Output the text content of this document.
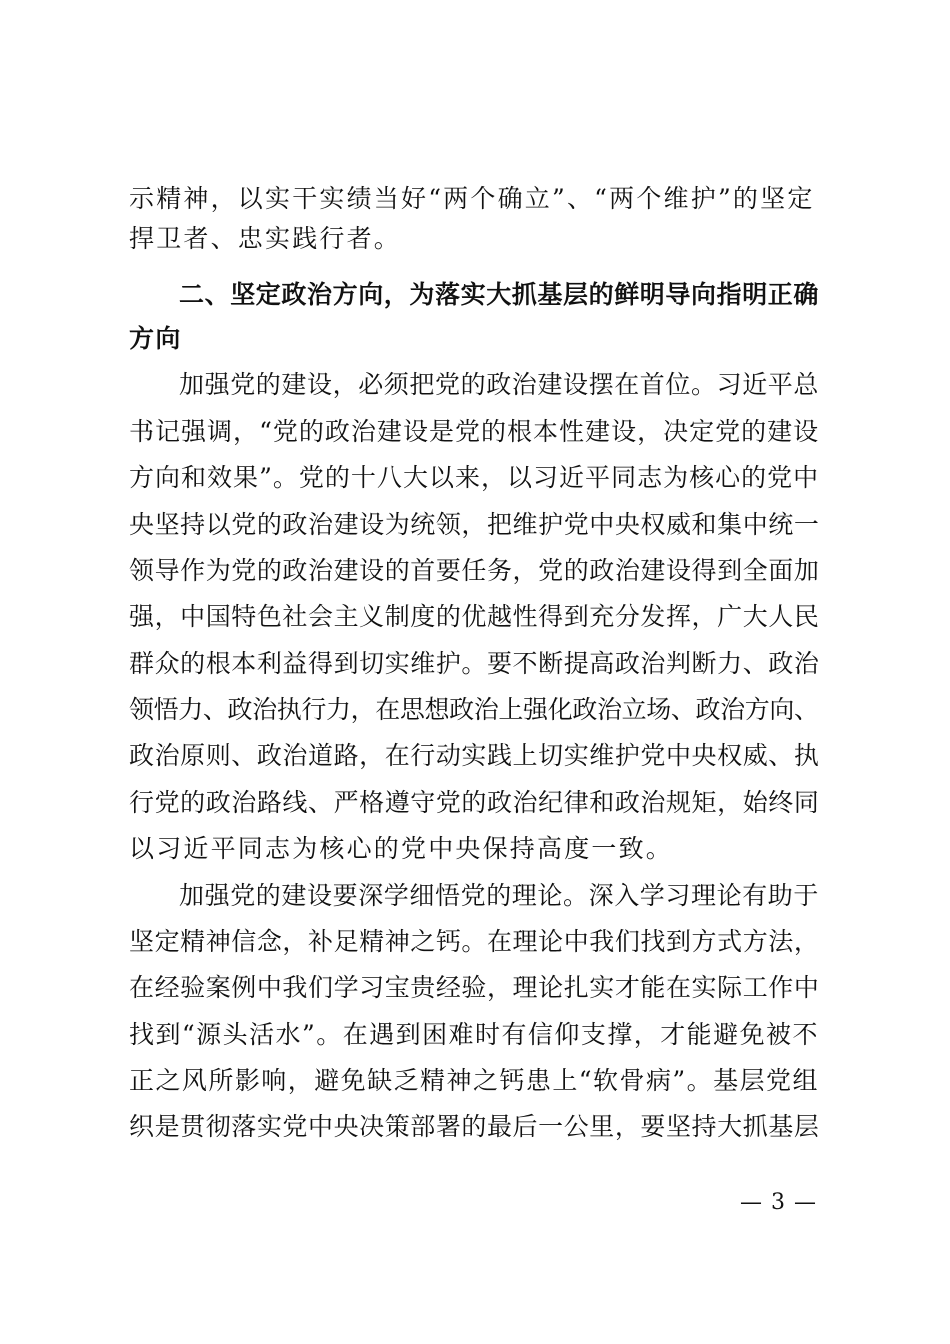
示精神，以实干实绩当好“两个确立”、“两个维护”的坚定
捍卫者、忠实践行者。
二、坚定政治方向，为落实大抓基层的鲜明导向指明正确
方向
加强党的建设，必须把党的政治建设摆在首位。习近平总
书记强调，“党的政治建设是党的根本性建设，决定党的建设
方向和效果”。党的十八大以来，以习近平同志为核心的党中
央坚持以党的政治建设为统领，把维护党中央权威和集中统一
领导作为党的政治建设的首要任务，党的政治建设得到全面加
强，中国特色社会主义制度的优越性得到充分发挥，广大人民
群众的根本利益得到切实维护。要不断提高政治判断力、政治
领悟力、政治执行力，在思想政治上强化政治立场、政治方向、
政治原则、政治道路，在行动实践上切实维护党中央权威、执
行党的政治路线、严格遵守党的政治纪律和政治规矩，始终同
以习近平同志为核心的党中央保持高度一致。
加强党的建设要深学细悟党的理论。深入学习理论有助于
坚定精神信念，补足精神之钙。在理论中我们找到方式方法，
在经验案例中我们学习宝贵经验，理论扎实才能在实际工作中
找到“源头活水”。在遇到困难时有信仰支撑，才能避免被不
正之风所影响，避免缺乏精神之钙患上“软骨病”。基层党组
织是贯彻落实党中央决策部署的最后一公里，要坚持大抓基层
— 3 —
